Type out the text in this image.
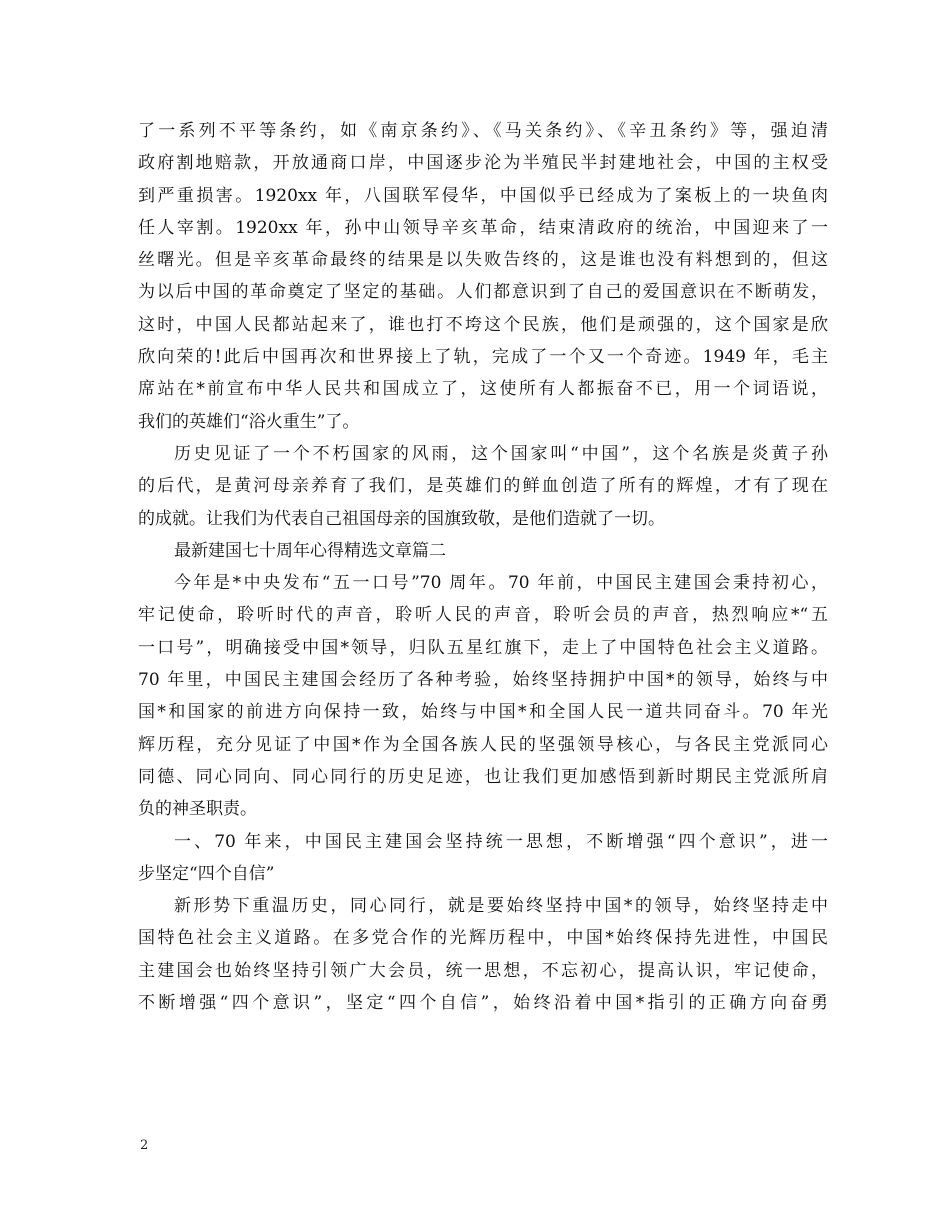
了一系列不平等条约，如《南京条约》、《马关条约》、《辛丑条约》等，强迫清
政府割地赔款，开放通商口岸，中国逐步沦为半殖民半封建地社会，中国的主权受
到严重损害。1920xx 年，八国联军侵华，中国似乎已经成为了案板上的一块鱼肉
任人宰割。1920xx 年，孙中山领导辛亥革命，结束清政府的统治，中国迎来了一
丝曙光。但是辛亥革命最终的结果是以失败告终的，这是谁也没有料想到的，但这
为以后中国的革命奠定了坚定的基础。人们都意识到了自己的爱国意识在不断萌发，
这时，中国人民都站起来了，谁也打不垮这个民族，他们是顽强的，这个国家是欣
欣向荣的!此后中国再次和世界接上了轨，完成了一个又一个奇迹。1949 年，毛主
席站在*前宣布中华人民共和国成立了，这使所有人都振奋不已，用一个词语说，
我们的英雄们“浴火重生”了。
历史见证了一个不朽国家的风雨，这个国家叫“中国”，这个名族是炎黄子孙
的后代，是黄河母亲养育了我们，是英雄们的鲜血创造了所有的辉煌，才有了现在
的成就。让我们为代表自己祖国母亲的国旗致敬，是他们造就了一切。
最新建国七十周年心得精选文章篇二
今年是*中央发布“五一口号”70 周年。70 年前，中国民主建国会秉持初心，
牢记使命，聆听时代的声音，聆听人民的声音，聆听会员的声音，热烈响应*“五
一口号”，明确接受中国*领导，归队五星红旗下，走上了中国特色社会主义道路。
70 年里，中国民主建国会经历了各种考验，始终坚持拥护中国*的领导，始终与中
国*和国家的前进方向保持一致，始终与中国*和全国人民一道共同奋斗。70 年光
辉历程，充分见证了中国*作为全国各族人民的坚强领导核心，与各民主党派同心
同德、同心同向、同心同行的历史足迹，也让我们更加感悟到新时期民主党派所肩
负的神圣职责。
一、70 年来，中国民主建国会坚持统一思想，不断增强“四个意识”，进一
步坚定“四个自信”
新形势下重温历史，同心同行，就是要始终坚持中国*的领导，始终坚持走中
国特色社会主义道路。在多党合作的光辉历程中，中国*始终保持先进性，中国民
主建国会也始终坚持引领广大会员，统一思想，不忘初心，提高认识，牢记使命，
不断增强“四个意识”，坚定“四个自信”，始终沿着中国*指引的正确方向奋勇
2
